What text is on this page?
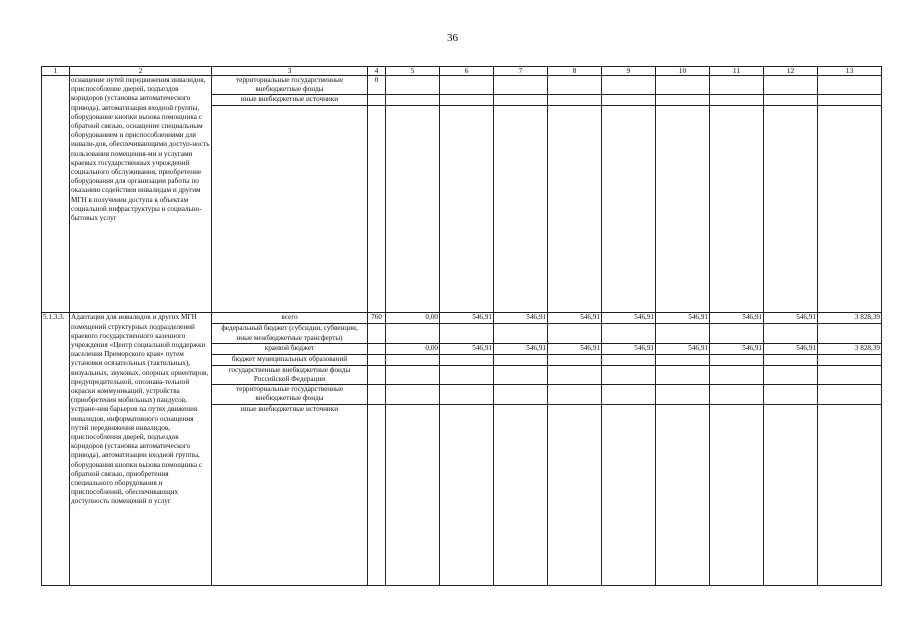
36
1	2	3	4	5	6	7	8	9	10	11	12	13
	оснащение путей передвижения инвалидов, приспособление дверей, подъездов коридоров (установка автоматического привода), автоматизация входной группы, оборудование кнопки вызова помощника с обратной связью, оснащение специальным оборудованием и приспособлениями для инвали-дов, обеспечивающими доступ-ность пользования помещения-ми и услугами краевых государственных учреждений социального обслуживания, приобретение оборудования для организации работы по оказанию содействия инвалидам и другим МГН в получении доступа к объектам социальной инфраструктуры и социально-бытовых услуг	территориальные государственные внебюджетные фонды	0									
		иные внебюджетные источники										

5.1.3.3.	Адаптация для инвалидов и других МГН помещений структурных подразделений краевого государственного казенного учреждения «Центр социальной поддержки населения Приморского края» путем установки осязательных (тактильных), визуальных, звуковых, опорных ориентиров, предупредительной, опознава-тельной окраски коммуникаций, устройства (приобретения мобильных) пандусов, устране-ния барьеров на путях движения инвалидов, информативного оснащения путей передвижения инвалидов, приспособления дверей, подъездов коридоров (установка автоматического привода), автоматизации входной группы, оборудования кнопки вызова помощника с обратной связью, приобретения специального оборудования и приспособлений, обеспечивающих доступность помещений и услуг	всего	760	0,00	546,91	546,91	546,91	546,91	546,91	546,91	546,91	3 828,39
		федеральный бюджет (субсидии, субвенции, иные межбюджетные трансферты)										
		краевой бюджет		0,00	546,91	546,91	546,91	546,91	546,91	546,91	546,91	3 828,39
		бюджет муниципальных образований										
		государственные внебюджетные фонды Российской Федерации										
		территориальные государственные внебюджетные фонды										
		иные внебюджетные источники										
